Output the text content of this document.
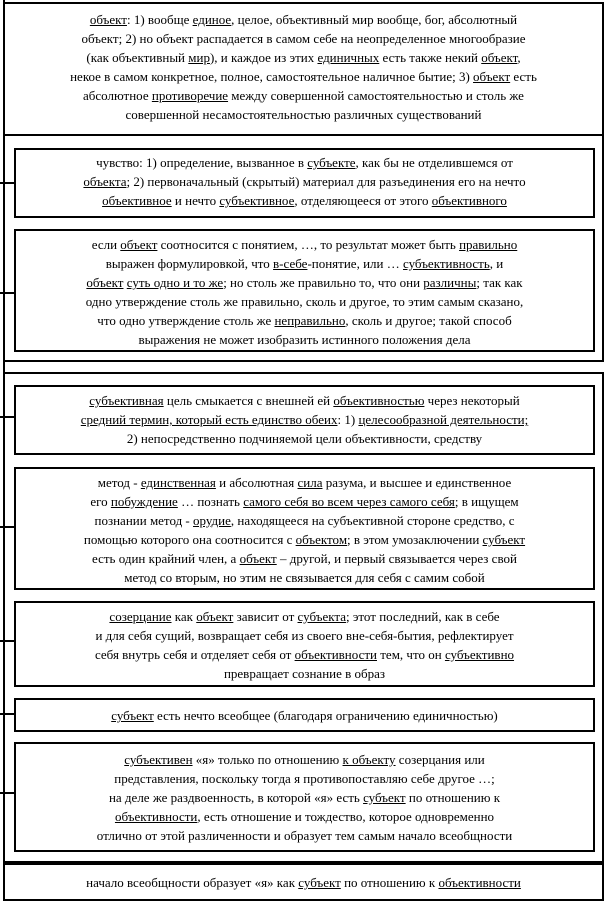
объект: 1) вообще единое, целое, объективный мир вообще, бог, абсолютный
объект; 2) но объект распадается в самом себе на неопределенное многообразие
(как объективный мир), и каждое из этих единичных есть также некий объект,
некое в самом конкретное, полное, самостоятельное наличное бытие; 3) объект есть
абсолютное противоречие между совершенной самостоятельностью и столь же
совершенной несамостоятельностью различных существований
чувство: 1) определение, вызванное в субъекте, как бы не отделившемся от
объекта; 2) первоначальный (скрытый) материал для разъединения его на нечто
объективное и нечто субъективное, отделяющееся от этого объективного
если объект соотносится с понятием, …, то результат может быть правильно
выражен формулировкой, что в-себе-понятие, или … субъективность, и
объект суть одно и то же; но столь же правильно то, что они различны; так как
одно утверждение столь же правильно, сколь и другое, то этим самым сказано,
что одно утверждение столь же неправильно, сколь и другое; такой способ
выражения не может изобразить истинного положения дела
субъективная цель смыкается с внешней ей объективностью через некоторый
средний термин, который есть единство обеих: 1) целесообразной деятельности;
2) непосредственно подчиняемой цели объективности, средству
метод - единственная и абсолютная сила разума, и высшее и единственное
его побуждение … познать самого себя во всем через самого себя; в ищущем
познании метод - орудие, находящееся на субъективной стороне средство, с
помощью которого она соотносится с объектом; в этом умозаключении субъект
есть один крайний член, а объект – другой, и первый связывается через свой
метод со вторым, но этим не связывается для себя с самим собой
созерцание как объект зависит от субъекта; этот последний, как в себе
и для себя сущий, возвращает себя из своего вне-себя-бытия, рефлектирует
себя внутрь себя и отделяет себя от объективности тем, что он субъективно
превращает сознание в образ
субъект есть нечто всеобщее (благодаря ограничению единичностью)
субъективен «я» только по отношению к объекту созерцания или
представления, поскольку тогда я противопоставляю себе другое …;
на деле же раздвоенность, в которой «я» есть субъект по отношению к
объективности, есть отношение и тождество, которое одновременно
отлично от этой различенности и образует тем самым начало всеобщности
начало всеобщности образует «я» как субъект по отношению к объективности
